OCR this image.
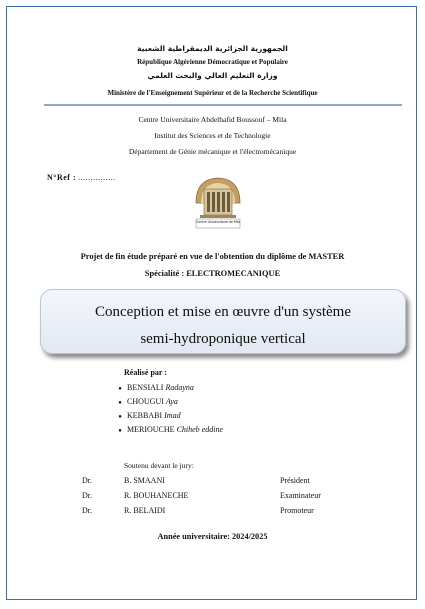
الجمهورية الجزائرية الديمقراطية الشعبية
République Algérienne Démocratique et Populaire
وزارة التعليم العالي والبحث العلمي
Ministère de l'Enseignement Supérieur et de la Recherche Scientifique
Centre Universitaire Abdelhafid Boussouf – Mila
Institut des Sciences et de Technologie
Département de Génie mécanique et l'électromécanique
N°Ref : ...............
Centre Universitaire de Mila
Projet de fin étude préparé en vue de l'obtention du diplôme de MASTER
Spécialité : ELECTROMECANIQUE
Conception et mise en œuvre d'un système
semi-hydroponique vertical
Réalisé par :
● BENSIALI Rodayna
● CHOUGUI Aya
● KEBBABI Imad
● MERIOUCHE Chiheb eddine
Soutenu devant le jury:
Dr.	B. SMAANI	Président
Dr.	R. BOUHANECHE	Examinateur
Dr.	R. BELAIDI	Promoteur
Année universitaire: 2024/2025
